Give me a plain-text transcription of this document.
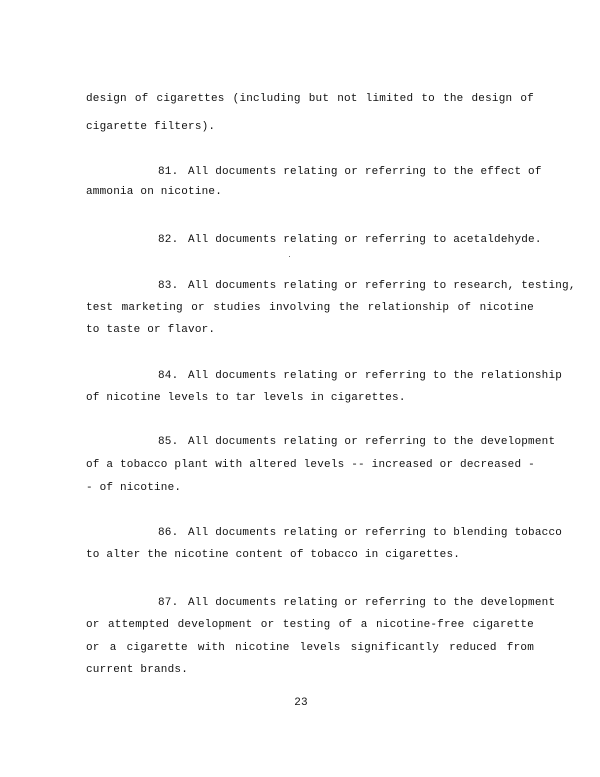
design of cigarettes (including but not limited to the design of
cigarette filters).
81. All documents relating or referring to the effect of
ammonia on nicotine.
82. All documents relating or referring to acetaldehyde.
83. All documents relating or referring to research, testing,
test marketing or studies involving the relationship of nicotine
to taste or flavor.
84. All documents relating or referring to the relationship
of nicotine levels to tar levels in cigarettes.
85. All documents relating or referring to the development
of a tobacco plant with altered levels -- increased or decreased -
- of nicotine.
86. All documents relating or referring to blending tobacco
to alter the nicotine content of tobacco in cigarettes.
87. All documents relating or referring to the development
or attempted development or testing of a nicotine-free cigarette
or a cigarette with nicotine levels significantly reduced from
current brands.
23
